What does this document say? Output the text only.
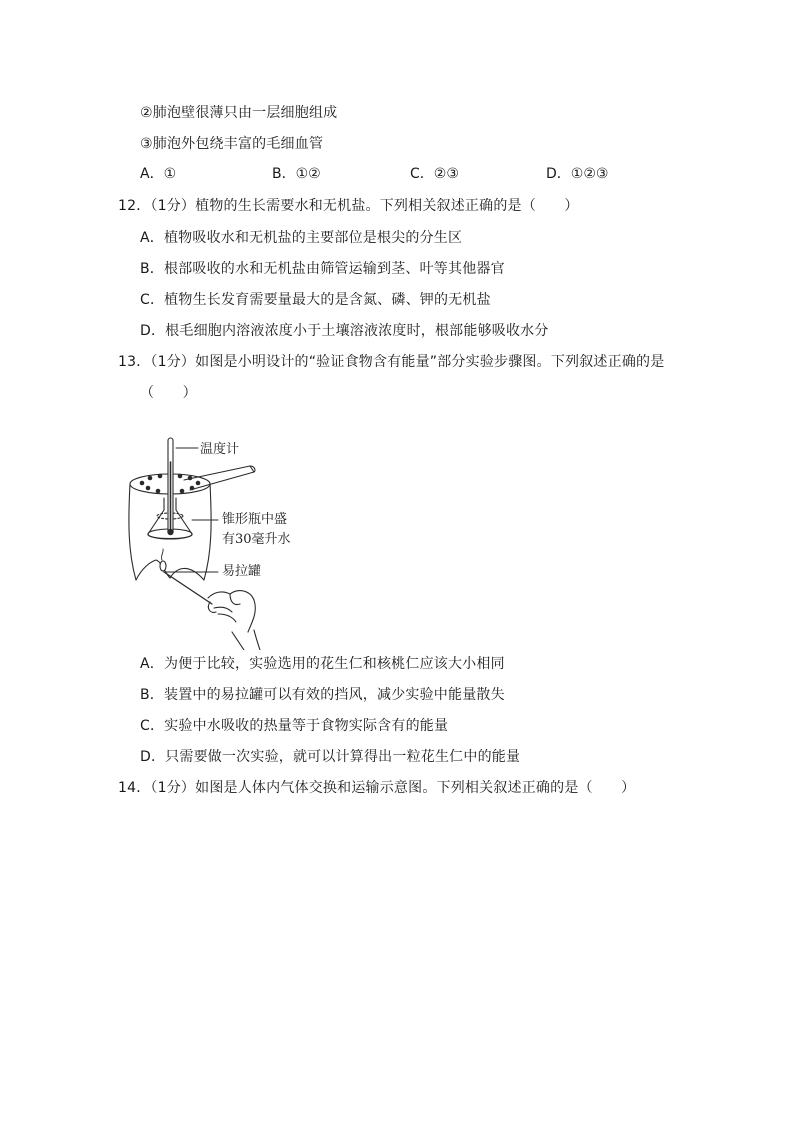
②肺泡壁很薄只由一层细胞组成
③肺泡外包绕丰富的毛细血管
A．①	B．①②	C．②③	D．①②③
12．（1分）植物的生长需要水和无机盐。下列相关叙述正确的是（　　）
A．植物吸收水和无机盐的主要部位是根尖的分生区
B．根部吸收的水和无机盐由筛管运输到茎、叶等其他器官
C．植物生长发育需要量最大的是含氮、磷、钾的无机盐
D．根毛细胞内溶液浓度小于土壤溶液浓度时，根部能够吸收水分
13．（1分）如图是小明设计的“验证食物含有能量”部分实验步骤图。下列叙述正确的是
（　　）
温度计
锥形瓶中盛
有30毫升水
易拉罐
A．为便于比较，实验选用的花生仁和核桃仁应该大小相同
B．装置中的易拉罐可以有效的挡风，减少实验中能量散失
C．实验中水吸收的热量等于食物实际含有的能量
D．只需要做一次实验，就可以计算得出一粒花生仁中的能量
14．（1分）如图是人体内气体交换和运输示意图。下列相关叙述正确的是（　　）
